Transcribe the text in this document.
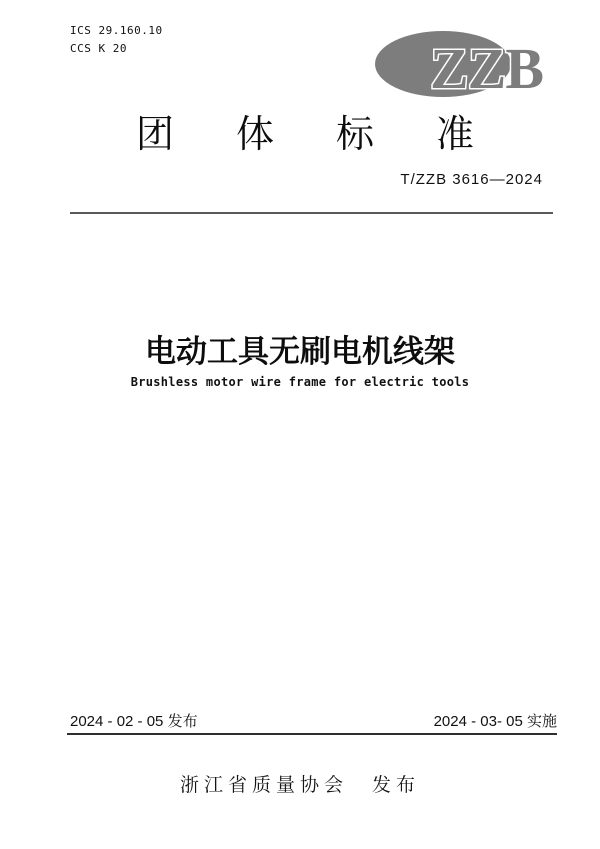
ICS 29.160.10
CCS K 20	ZZB
团 体 标 准
T/ZZB 3616—2024
电动工具无刷电机线架
Brushless motor wire frame for electric tools
2024 - 02 - 05 发布	2024 - 03- 05 实施
浙江省质量协会　发布
